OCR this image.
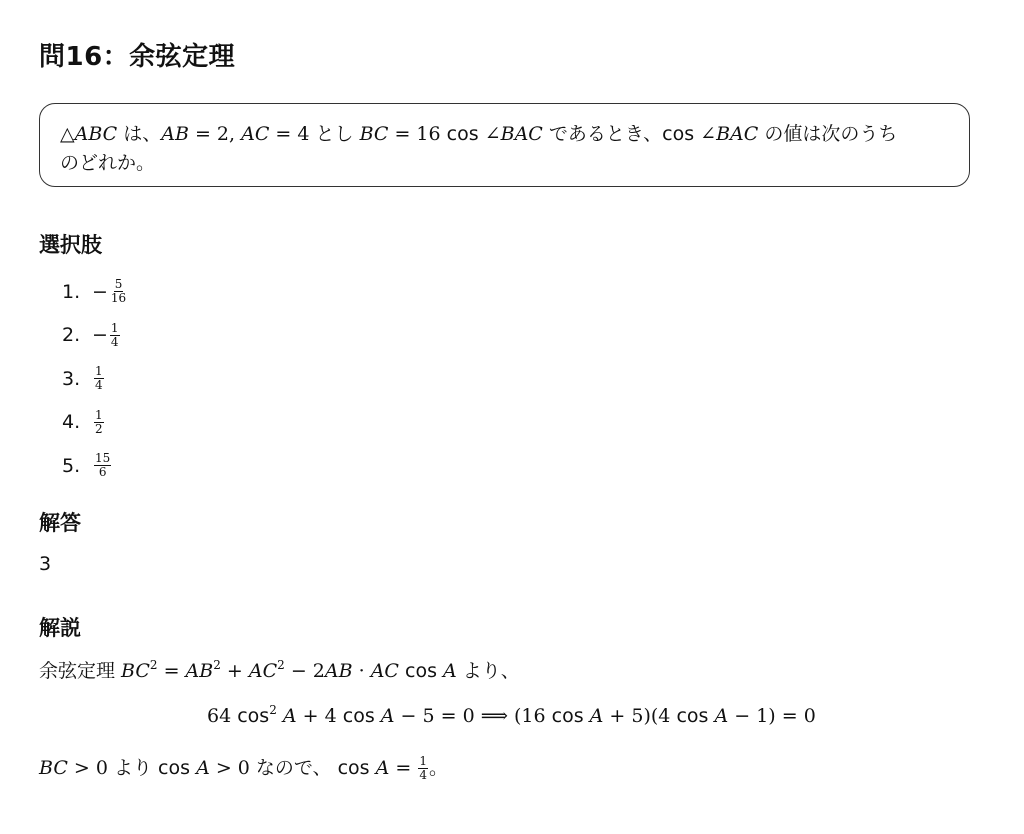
問16：余弦定理
△ABC は、AB = 2, AC = 4 とし BC = 16 cos ∠BAC であるとき、cos ∠BAC の値は次のうち
のどれか。
選択肢
1. − $\frac{5}{16}$
2. − $\frac{1}{4}$
3.	$\frac{1}{4}$
4.	$\frac{1}{2}$
5.	$\frac{15}{6}$
解答
3
解説
余弦定理 $BC^2 = AB^2 + AC^2 - 2AB$ · AC cos A より、
64 $\cos^2 A + 4$ cos A − 5 = 0 ⟹ (16 cos A + 5)(4 cos A − 1) = 0
BC > 0 より cos A > 0 なので、 $\cos A = \frac{1}{4}$ 。
